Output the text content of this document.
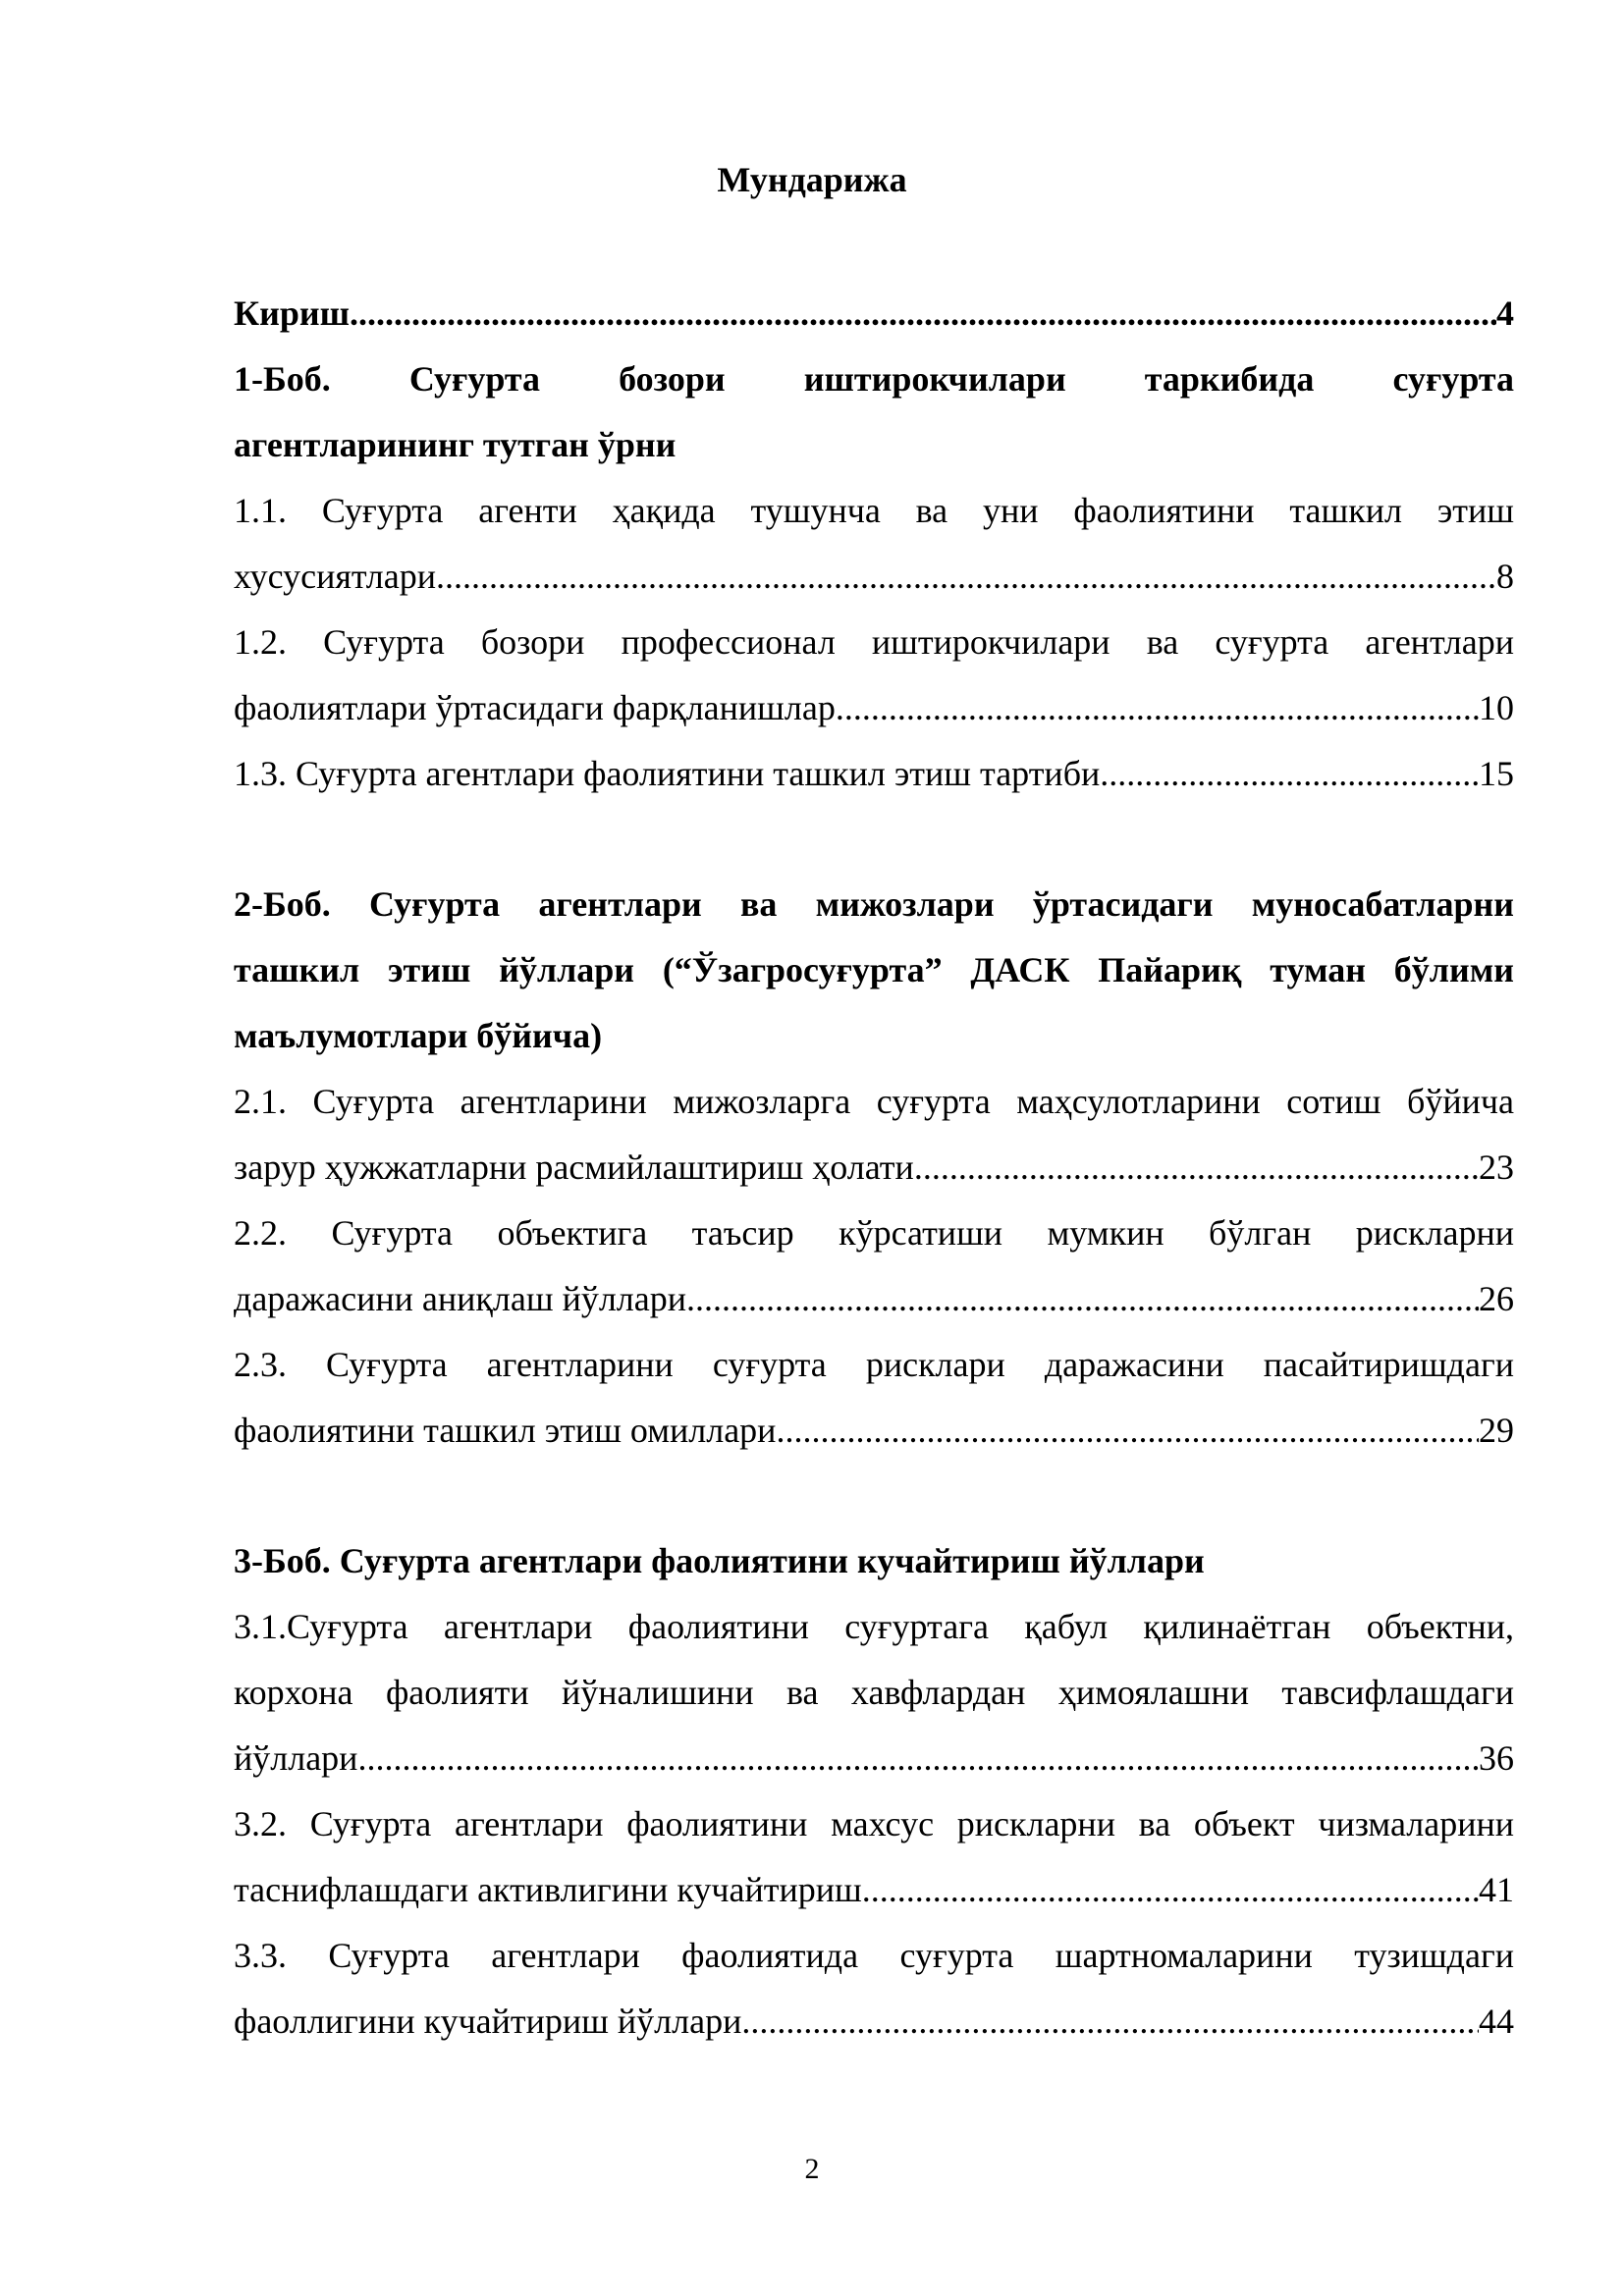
Мундарижа
Кириш .....	4
1-Боб. Суғурта бозори иштирокчилари таркибида суғурта
агентларининг тутган ўрни
1.1. Суғурта агенти ҳақида тушунча ва уни фаолиятини ташкил этиш
хусусиятлари .....	8
1.2. Суғурта бозори профессионал иштирокчилари ва суғурта агентлари
фаолиятлари ўртасидаги фарқланишлар .....	10
1.3. Суғурта агентлари фаолиятини ташкил этиш тартиби .....	15
2-Боб. Суғурта агентлари ва мижозлари ўртасидаги муносабатларни
ташкил этиш йўллари (“Ўзагросуғурта” ДАСК Пайариқ туман бўлими
маълумотлари бўйича)
2.1. Суғурта агентларини мижозларга суғурта маҳсулотларини сотиш бўйича
зарур ҳужжатларни расмийлаштириш ҳолати .....	23
2.2. Суғурта объектига таъсир кўрсатиши мумкин бўлган рискларни
даражасини аниқлаш йўллари .....	26
2.3. Суғурта агентларини суғурта рисклари даражасини пасайтиришдаги
фаолиятини ташкил этиш омиллари .....	29
3-Боб. Суғурта агентлари фаолиятини кучайтириш йўллари
3.1.Суғурта агентлари фаолиятини суғуртага қабул қилинаётган объектни,
корхона фаолияти йўналишини ва хавфлардан ҳимоялашни тавсифлашдаги
йўллари .....	36
3.2. Суғурта агентлари фаолиятини махсус рискларни ва объект чизмаларини
таснифлашдаги активлигини кучайтириш .....	41
3.3. Суғурта агентлари фаолиятида суғурта шартномаларини тузишдаги
фаоллигини кучайтириш йўллари .....	44
2
